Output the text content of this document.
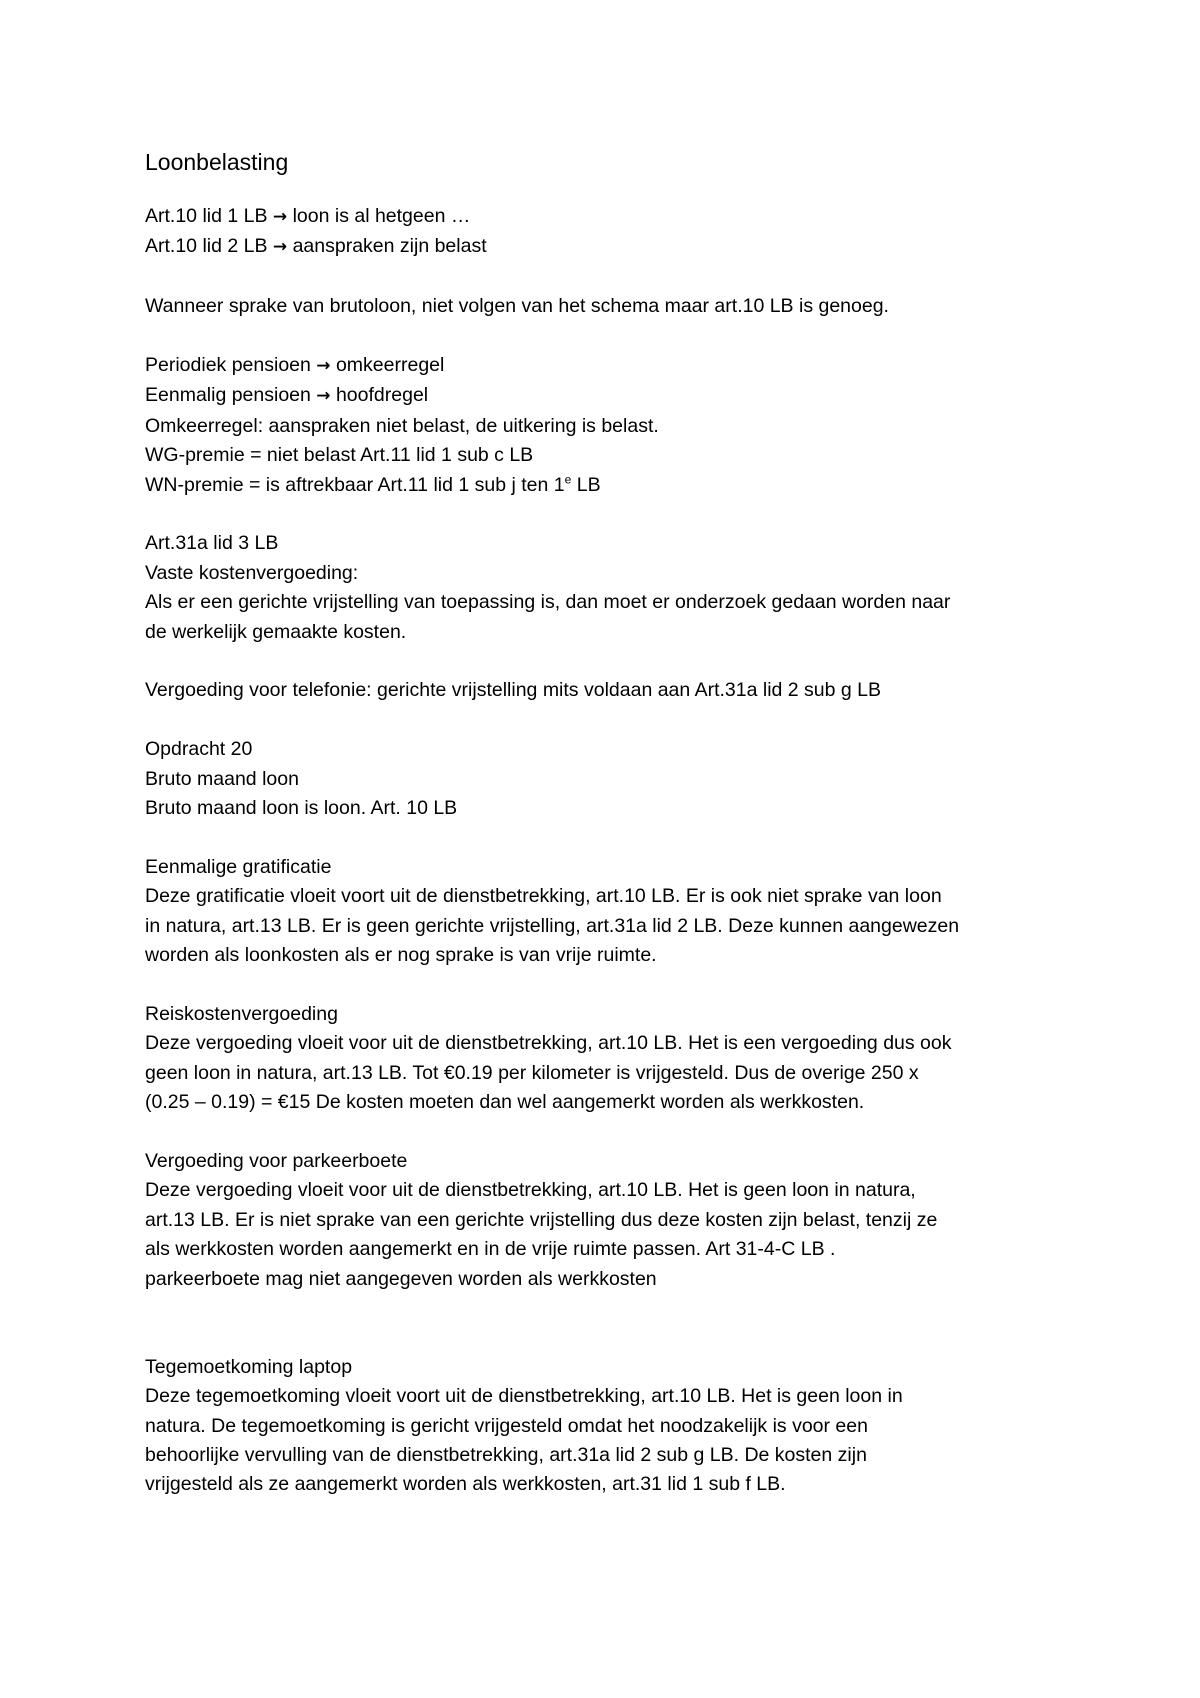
Loonbelasting
Art.10 lid 1 LB → loon is al hetgeen …
Art.10 lid 2 LB → aanspraken zijn belast
Wanneer sprake van brutoloon, niet volgen van het schema maar art.10 LB is genoeg.
Periodiek pensioen → omkeerregel
Eenmalig pensioen → hoofdregel
Omkeerregel: aanspraken niet belast, de uitkering is belast.
WG-premie = niet belast Art.11 lid 1 sub c LB
WN-premie = is aftrekbaar Art.11 lid 1 sub j ten 1e LB
Art.31a lid 3 LB
Vaste kostenvergoeding:
Als er een gerichte vrijstelling van toepassing is, dan moet er onderzoek gedaan worden naar
de werkelijk gemaakte kosten.
Vergoeding voor telefonie: gerichte vrijstelling mits voldaan aan Art.31a lid 2 sub g LB
Opdracht 20
Bruto maand loon
Bruto maand loon is loon. Art. 10 LB
Eenmalige gratificatie
Deze gratificatie vloeit voort uit de dienstbetrekking, art.10 LB. Er is ook niet sprake van loon
in natura, art.13 LB. Er is geen gerichte vrijstelling, art.31a lid 2 LB. Deze kunnen aangewezen
worden als loonkosten als er nog sprake is van vrije ruimte.
Reiskostenvergoeding
Deze vergoeding vloeit voor uit de dienstbetrekking, art.10 LB. Het is een vergoeding dus ook
geen loon in natura, art.13 LB. Tot €0.19 per kilometer is vrijgesteld. Dus de overige 250 x
(0.25 – 0.19) = €15 De kosten moeten dan wel aangemerkt worden als werkkosten.
Vergoeding voor parkeerboete
Deze vergoeding vloeit voor uit de dienstbetrekking, art.10 LB. Het is geen loon in natura,
art.13 LB. Er is niet sprake van een gerichte vrijstelling dus deze kosten zijn belast, tenzij ze
als werkkosten worden aangemerkt en in de vrije ruimte passen. Art 31-4-C LB .
parkeerboete mag niet aangegeven worden als werkkosten
Tegemoetkoming laptop
Deze tegemoetkoming vloeit voort uit de dienstbetrekking, art.10 LB. Het is geen loon in
natura. De tegemoetkoming is gericht vrijgesteld omdat het noodzakelijk is voor een
behoorlijke vervulling van de dienstbetrekking, art.31a lid 2 sub g LB. De kosten zijn
vrijgesteld als ze aangemerkt worden als werkkosten, art.31 lid 1 sub f LB.
